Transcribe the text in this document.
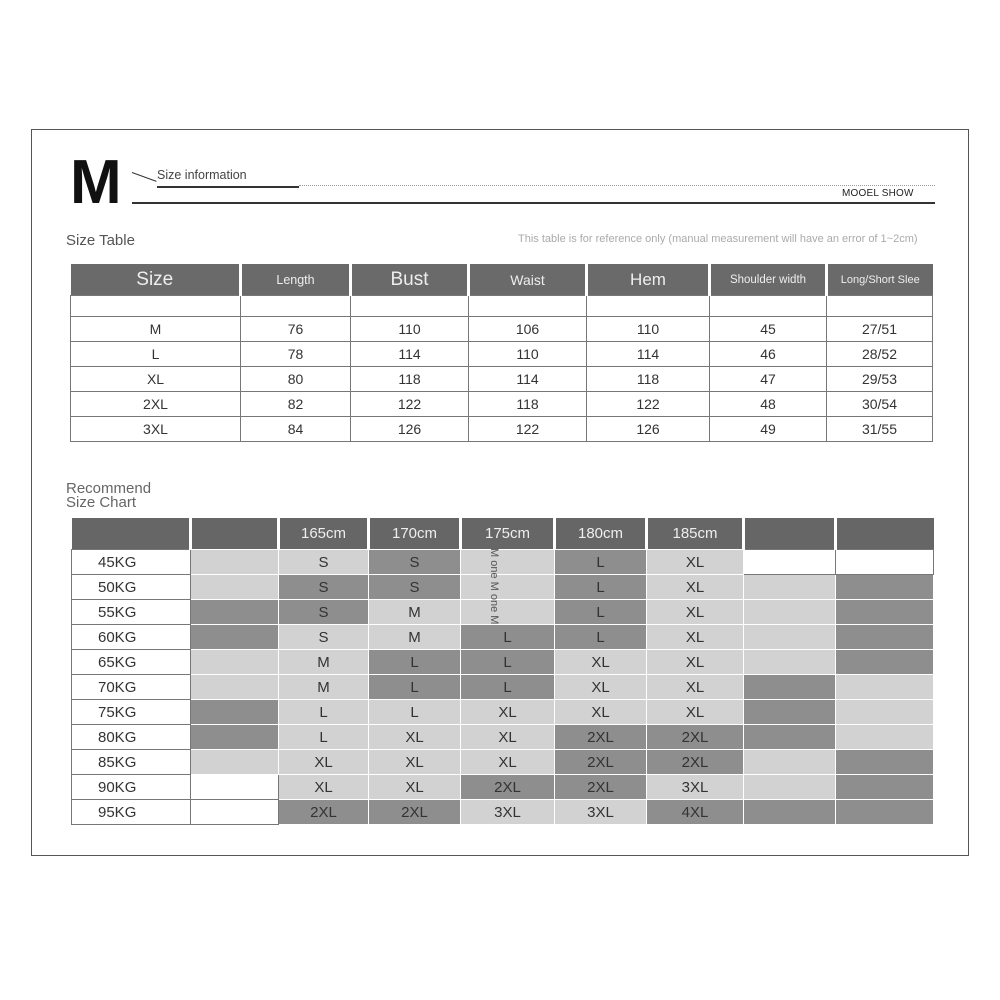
M	Size information
MOOEL SHOW
Size Table	This table is for reference only (manual measurement will have an error of 1~2cm)
Size	Length	Bust	Waist	Hem	Shoulder width	Long/Short Slee

M	76	110	106	110	45	27/51
L	78	114	110	114	46	28/52
XL	80	118	114	118	47	29/53
2XL	82	122	118	122	48	30/54
3XL	84	126	122	126	49	31/55
Recommend
Size Chart
		165cm	170cm	175cm	180cm	185cm		
45KG		S	S		L	XL		
50KG		S	S		L	XL		
55KG		S	M		L	XL		
60KG		S	M	L	L	XL		
65KG		M	L	L	XL	XL		
70KG		M	L	L	XL	XL		
75KG		L	L	XL	XL	XL		
80KG		L	XL	XL	2XL	2XL		
85KG		XL	XL	XL	2XL	2XL		
90KG		XL	XL	2XL	2XL	3XL		
95KG		2XL	2XL	3XL	3XL	4XL		
M one M one M
